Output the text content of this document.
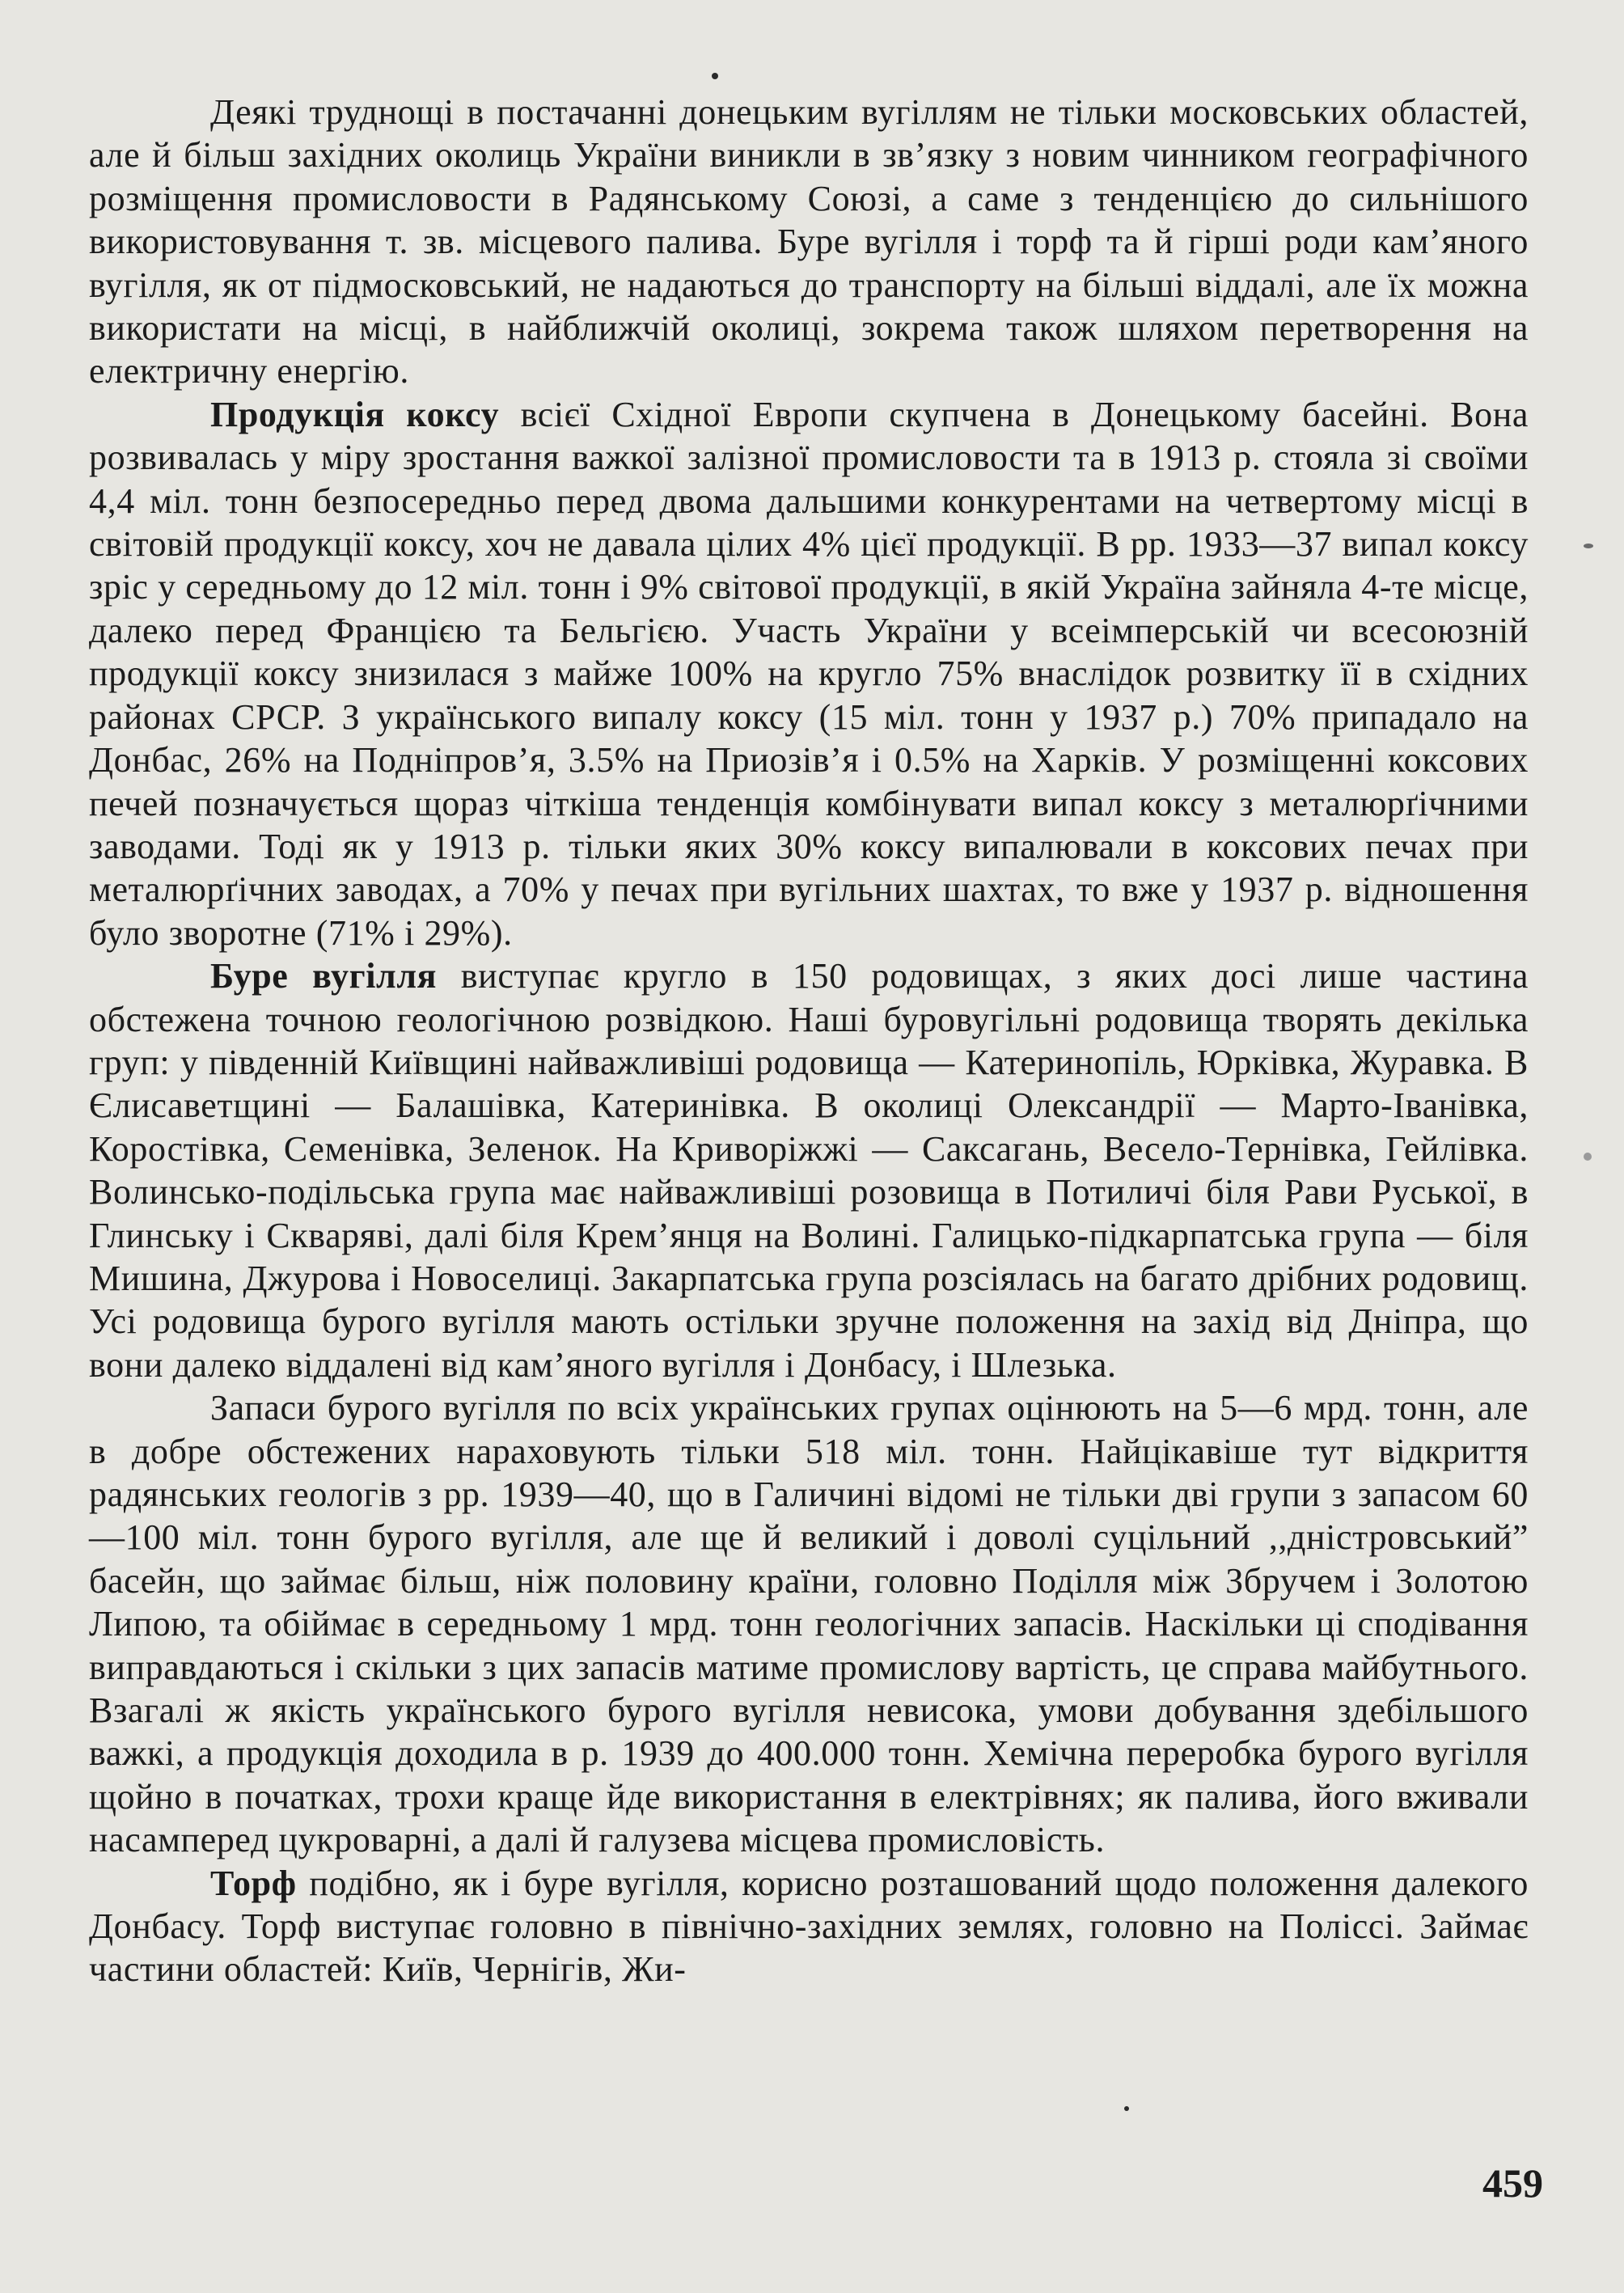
Деякі труднощі в постачанні донецьким вугіллям не тільки московських областей, але й більш західних околиць України виникли в зв’язку з новим чинником географічного розміщення промисловости в Радянському Союзі, а саме з тенденцією до сильнішого використовування т. зв. місцевого палива. Буре вугілля і торф та й гірші роди кам’яного вугілля, як от підмосковський, не надаються до транспорту на більші віддалі, але їх можна використати на місці, в найближчій околиці, зокрема також шляхом перетворення на електричну енергію.

Продукція коксу всієї Східної Европи скупчена в Донецькому басейні. Вона розвивалась у міру зростання важкої залізної промисловости та в 1913 р. стояла зі своїми 4,4 міл. тонн безпосередньо перед двома дальшими конкурентами на четвертому місці в світовій продукції коксу, хоч не давала цілих 4% цієї продукції. В рр. 1933—37 випал коксу зріс у середньому до 12 міл. тонн і 9% світової продукції, в якій Україна зайняла 4-те місце, далеко перед Францією та Бельгією. Участь України у всеімперській чи всесоюзній продукції коксу знизилася з майже 100% на кругло 75% внаслідок розвитку її в східних районах СРСР. З українського випалу коксу (15 міл. тонн у 1937 р.) 70% припадало на Донбас, 26% на Подніпров’я, 3.5% на Приозів’я і 0.5% на Харків. У розміщенні коксових печей позначується щораз чіткіша тенденція комбінувати випал коксу з металюрґічними заводами. Тоді як у 1913 р. тільки яких 30% коксу випалювали в коксових печах при металюрґічних заводах, а 70% у печах при вугільних шахтах, то вже у 1937 р. відношення було зворотне (71% і 29%).

Буре вугілля виступає кругло в 150 родовищах, з яких досі лише частина обстежена точною геологічною розвідкою. Наші буровугільні родовища творять декілька груп: у південній Київщині найважливіші родовища — Катеринопіль, Юрківка, Журавка. В Єлисаветщині — Балашівка, Катеринівка. В околиці Олександрії — Марто-Іванівка, Коростівка, Семенівка, Зеленок. На Криворіжжі — Саксагань, Весело-Тернівка, Гейлівка. Волинсько-подільська група має найважливіші розовища в Потиличі біля Рави Руської, в Глинську і Скварявi, далі біля Крем’янця на Волині. Галицько-підкарпатська група — біля Мишина, Джурова і Новоселиці. Закарпатська група розсіялась на багато дрібних родовищ. Усі родовища бурого вугілля мають остільки зручне положення на захід від Дніпра, що вони далеко віддалені від кам’яного вугілля і Донбасу, і Шлезька.

Запаси бурого вугілля по всіх українських групах оцінюють на 5—6 мрд. тонн, але в добре обстежених нараховують тільки 518 міл. тонн. Найцікавіше тут відкриття радянських геологів з рр. 1939—40, що в Галичині відомі не тільки дві групи з запасом 60—100 міл. тонн бурого вугілля, але ще й великий і доволі суцільний ,,дністровський” басейн, що займає більш, ніж половину країни, головно Поділля між Збручем і Золотою Липою, та обіймає в середньому 1 мрд. тонн геологічних запасів. Наскільки ці сподівання виправдаються і скільки з цих запасів матиме промислову вартість, це справа майбутнього. Взагалі ж якість українського бурого вугілля невисока, умови добування здебільшого важкі, а продукція доходила в р. 1939 до 400.000 тонн. Хемічна переробка бурого вугілля щойно в початках, трохи краще йде використання в електрівнях; як палива, його вживали насамперед цукроварні, а далі й галузева місцева промисловість.

Торф подібно, як і буре вугілля, корисно розташований щодо положення далекого Донбасу. Торф виступає головно в північно-західних землях, головно на Поліссі. Займає частини областей: Київ, Чернігів, Жи-

459
